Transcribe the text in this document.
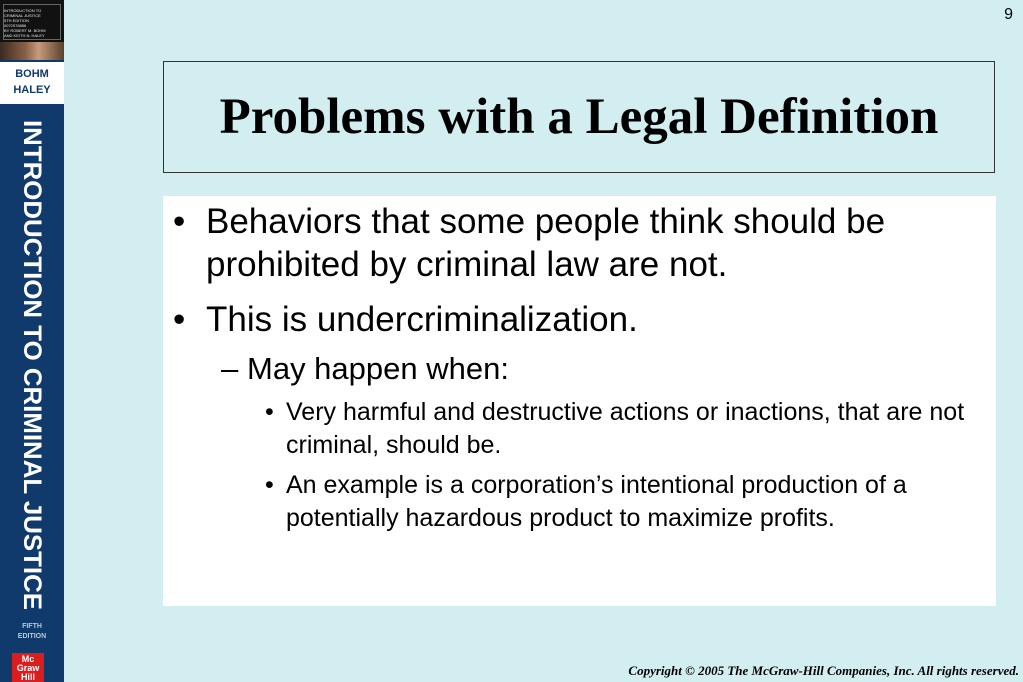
INTRODUCTION TO
CRIMINAL JUSTICE
5TH EDITION
0072978856
BY ROBERT M. BOHM
AND KEITH N. HALEY
BOHM
HALEY
INTRODUCTION TO CRIMINAL JUSTICE
FIFTH
EDITION
Mc
Graw
Hill
9
Problems with a Legal Definition
• Behaviors that some people think should be prohibited by criminal law are not.
• This is undercriminalization.
– May happen when:
• Very harmful and destructive actions or inactions, that are not criminal, should be.
• An example is a corporation’s intentional production of a potentially hazardous product to maximize profits.
Copyright © 2005 The McGraw-Hill Companies, Inc. All rights reserved.
